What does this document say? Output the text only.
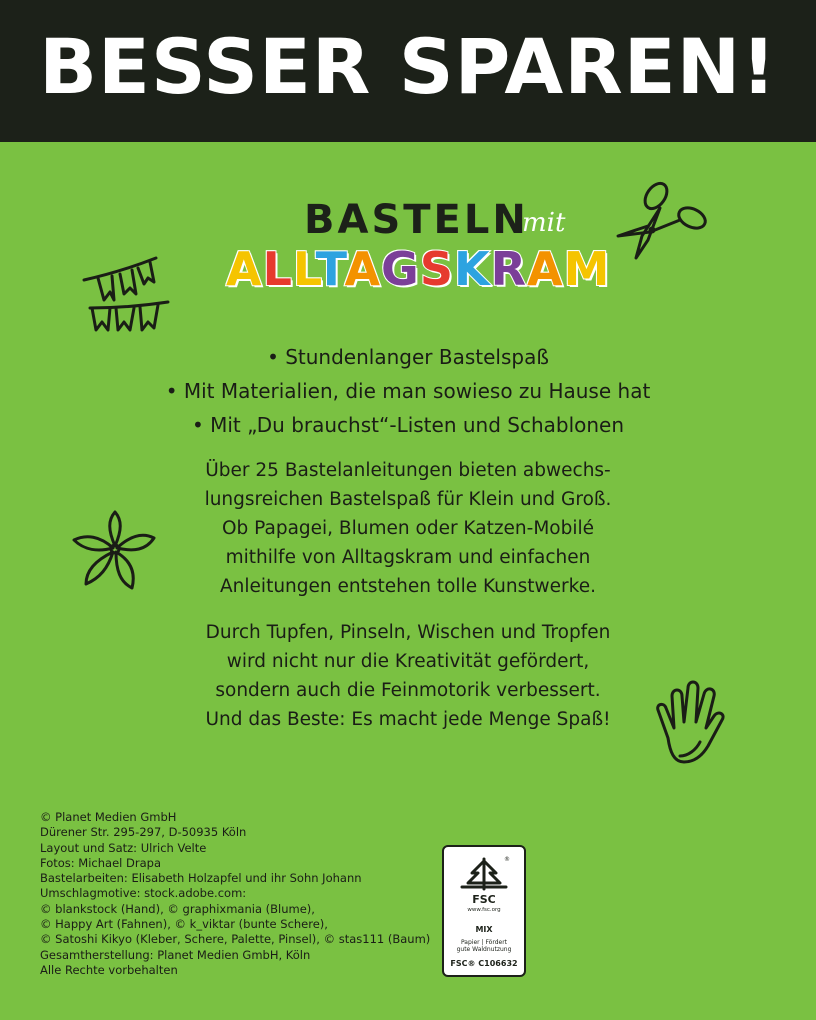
BESSER SPAREN!
BASTELN
mit
ALLTAGSKRAM
• Stundenlanger Bastelspaß
• Mit Materialien, die man sowieso zu Hause hat
• Mit „Du brauchst“-Listen und Schablonen
Über 25 Bastelanleitungen bieten abwechs-
lungsreichen Bastelspaß für Klein und Groß.
Ob Papagei, Blumen oder Katzen-Mobilé
mithilfe von Alltagskram und einfachen
Anleitungen entstehen tolle Kunstwerke.
Durch Tupfen, Pinseln, Wischen und Tropfen
wird nicht nur die Kreativität gefördert,
sondern auch die Feinmotorik verbessert.
Und das Beste: Es macht jede Menge Spaß!
© Planet Medien GmbH
Dürener Str. 295-297, D-50935 Köln
Layout und Satz: Ulrich Velte
Fotos: Michael Drapa
Bastelarbeiten: Elisabeth Holzapfel und ihr Sohn Johann
Umschlagmotive: stock.adobe.com:
© blankstock (Hand), © graphixmania (Blume),
© Happy Art (Fahnen), © k_viktar (bunte Schere),
© Satoshi Kikyo (Kleber, Schere, Palette, Pinsel), © stas111 (Baum)
Gesamtherstellung: Planet Medien GmbH, Köln
Alle Rechte vorbehalten
®
FSC
www.fsc.org
MIX
Papier | Fördert
gute Waldnutzung
FSC® C106632
